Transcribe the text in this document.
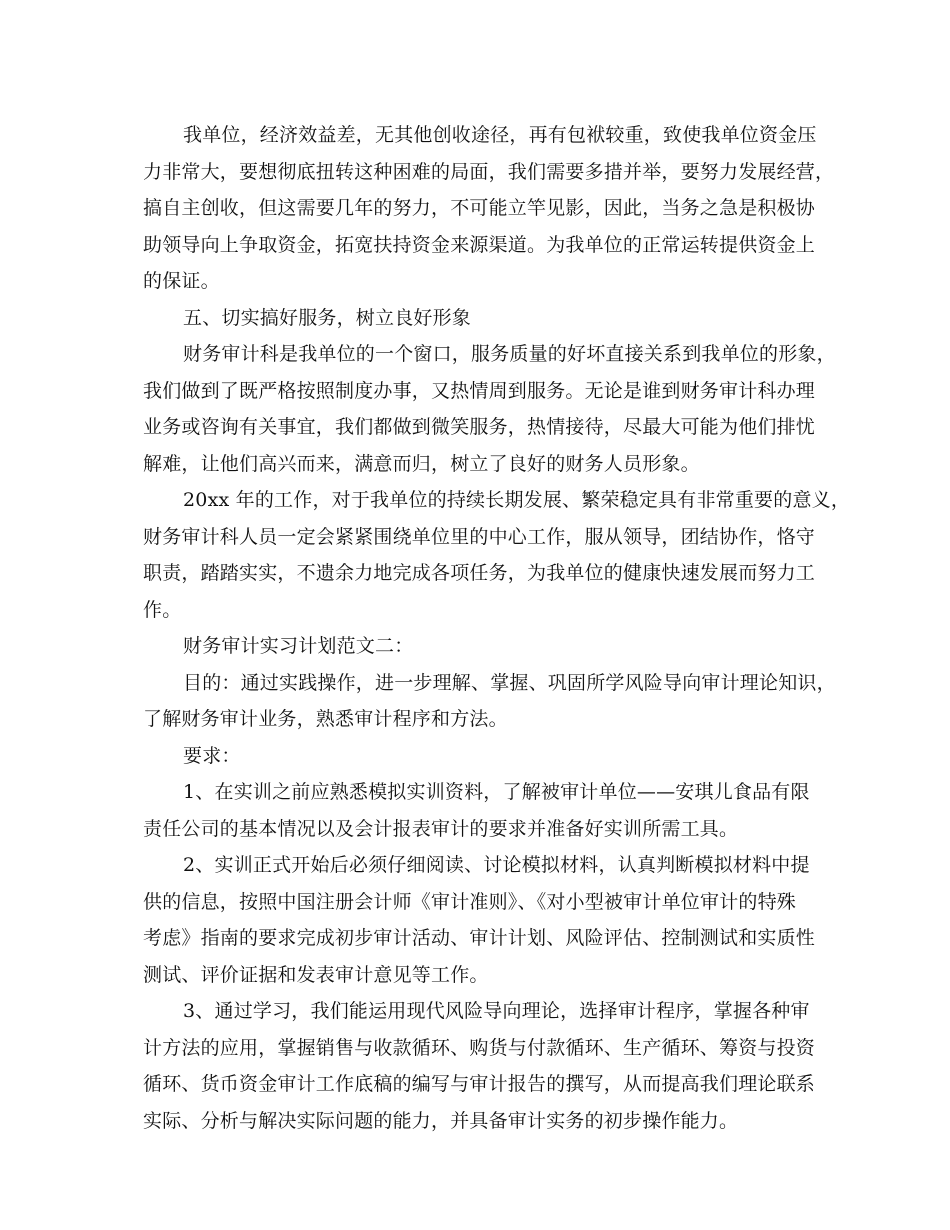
我单位，经济效益差，无其他创收途径，再有包袱较重，致使我单位资金压
力非常大，要想彻底扭转这种困难的局面，我们需要多措并举，要努力发展经营，
搞自主创收，但这需要几年的努力，不可能立竿见影，因此，当务之急是积极协
助领导向上争取资金，拓宽扶持资金来源渠道。为我单位的正常运转提供资金上
的保证。
五、切实搞好服务，树立良好形象
财务审计科是我单位的一个窗口，服务质量的好坏直接关系到我单位的形象，
我们做到了既严格按照制度办事，又热情周到服务。无论是谁到财务审计科办理
业务或咨询有关事宜，我们都做到微笑服务，热情接待，尽最大可能为他们排忧
解难，让他们高兴而来，满意而归，树立了良好的财务人员形象。
20xx 年的工作，对于我单位的持续长期发展、繁荣稳定具有非常重要的意义，
财务审计科人员一定会紧紧围绕单位里的中心工作，服从领导，团结协作，恪守
职责，踏踏实实，不遗余力地完成各项任务，为我单位的健康快速发展而努力工
作。
财务审计实习计划范文二：
目的：通过实践操作，进一步理解、掌握、巩固所学风险导向审计理论知识，
了解财务审计业务，熟悉审计程序和方法。
要求：
1、在实训之前应熟悉模拟实训资料，了解被审计单位——安琪儿食品有限
责任公司的基本情况以及会计报表审计的要求并准备好实训所需工具。
2、实训正式开始后必须仔细阅读、讨论模拟材料，认真判断模拟材料中提
供的信息，按照中国注册会计师《审计准则》、《对小型被审计单位审计的特殊
考虑》指南的要求完成初步审计活动、审计计划、风险评估、控制测试和实质性
测试、评价证据和发表审计意见等工作。
3、通过学习，我们能运用现代风险导向理论，选择审计程序，掌握各种审
计方法的应用，掌握销售与收款循环、购货与付款循环、生产循环、筹资与投资
循环、货币资金审计工作底稿的编写与审计报告的撰写，从而提高我们理论联系
实际、分析与解决实际问题的能力，并具备审计实务的初步操作能力。
